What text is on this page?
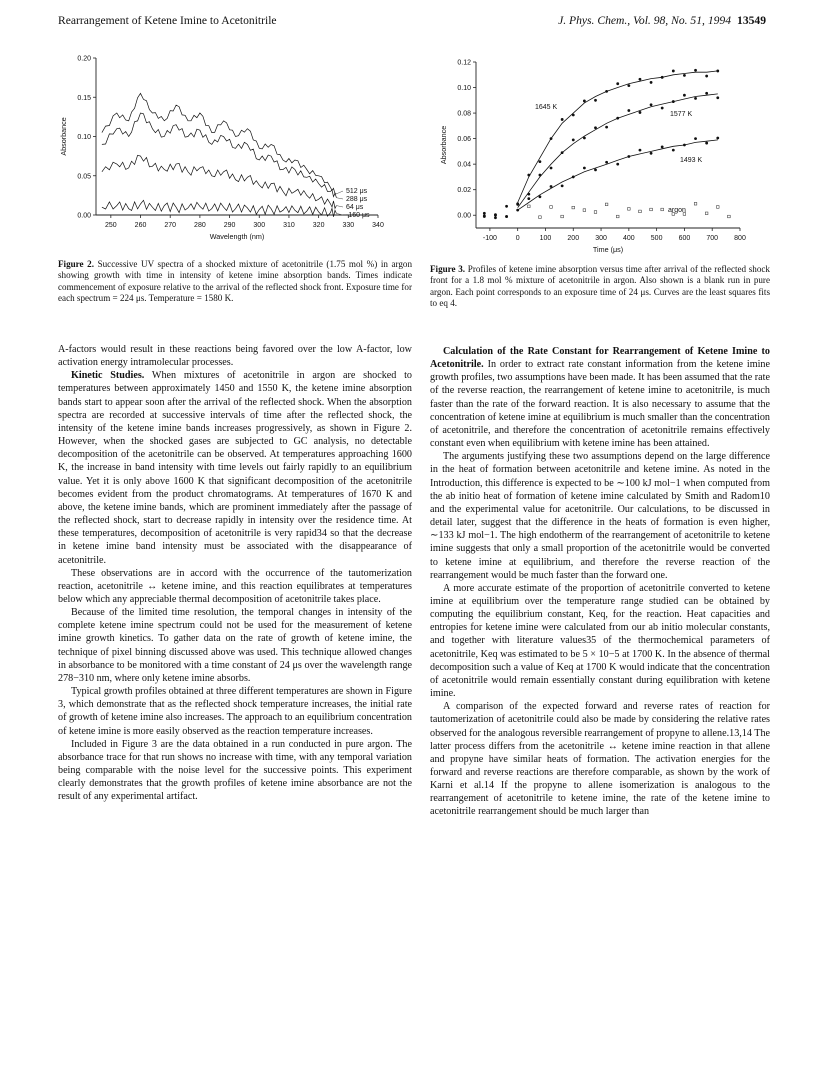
Rearrangement of Ketene Imine to Acetonitrile	J. Phys. Chem., Vol. 98, No. 51, 1994 13549
250	260	270	280	290	300	310	320	330	340
0.00
0.05
0.10
0.15
0.20
Wavelength (nm)
Absorbance
512 μs
288 μs
64 μs
-160 μs
-100	0	100 200 300 400 500 600 700 800
0.00
0.02
0.04
0.06
0.08
0.10
0.12
Time (μs)
Absorbance
1645 K
1577 K
1493 K
argon
Figure 2. Successive UV spectra of a shocked mixture of acetonitrile (1.75 mol %) in argon showing growth with time in intensity of ketene imine absorption bands. Times indicate commencement of exposure relative to the arrival of the reflected shock front. Exposure time for each spectrum = 224 μs. Temperature = 1580 K.
Figure 3. Profiles of ketene imine absorption versus time after arrival of the reflected shock front for a 1.8 mol % mixture of acetonitrile in argon. Also shown is a blank run in pure argon. Each point corresponds to an exposure time of 24 μs. Curves are the least squares fits to eq 4.

A-factors would result in these reactions being favored over the low A-factor, low activation energy intramolecular processes.

Kinetic Studies. When mixtures of acetonitrile in argon are shocked to temperatures between approximately 1450 and 1550 K, the ketene imine absorption bands start to appear soon after the arrival of the reflected shock. When the absorption spectra are recorded at successive intervals of time after the reflected shock, the intensity of the ketene imine bands increases progressively, as shown in Figure 2. However, when the shocked gases are subjected to GC analysis, no detectable decomposition of the acetonitrile can be observed. At temperatures approaching 1600 K, the increase in band intensity with time levels out fairly rapidly to an equilibrium value. Yet it is only above 1600 K that significant decomposition of the acetonitrile becomes evident from the product chromatograms. At temperatures of 1670 K and above, the ketene imine bands, which are prominent immediately after the passage of the reflected shock, start to decrease rapidly in intensity over the residence time. At these temperatures, decomposition of acetonitrile is very rapid34 so that the decrease in ketene imine band intensity must be associated with the disappearance of acetonitrile.

These observations are in accord with the occurrence of the tautomerization reaction, acetonitrile ↔ ketene imine, and this reaction equilibrates at temperatures below which any appreciable thermal decomposition of acetonitrile takes place.

Because of the limited time resolution, the temporal changes in intensity of the complete ketene imine spectrum could not be used for the measurement of ketene imine growth kinetics. To gather data on the rate of growth of ketene imine, the technique of pixel binning discussed above was used. This technique allowed changes in absorbance to be monitored with a time constant of 24 μs over the wavelength range 278−310 nm, where only ketene imine absorbs.

Typical growth profiles obtained at three different temperatures are shown in Figure 3, which demonstrate that as the reflected shock temperature increases, the initial rate of growth of ketene imine also increases. The approach to an equilibrium concentration of ketene imine is more easily observed as the reaction temperature increases.

Included in Figure 3 are the data obtained in a run conducted in pure argon. The absorbance trace for that run shows no increase with time, with any temporal variation being comparable with the noise level for the successive points. This experiment clearly demonstrates that the growth profiles of ketene imine absorbance are not the result of any experimental artifact.

Calculation of the Rate Constant for Rearrangement of Ketene Imine to Acetonitrile. In order to extract rate constant information from the ketene imine growth profiles, two assumptions have been made. It has been assumed that the rate of the reverse reaction, the rearrangement of ketene imine to acetonitrile, is much faster than the rate of the forward reaction. It is also necessary to assume that the concentration of ketene imine at equilibrium is much smaller than the concentration of acetonitrile, and therefore the concentration of acetonitrile remains effectively constant even when equilibrium with ketene imine has been attained.

The arguments justifying these two assumptions depend on the large difference in the heat of formation between acetonitrile and ketene imine. As noted in the Introduction, this difference is expected to be ∼100 kJ mol−1 when computed from the ab initio heat of formation of ketene imine calculated by Smith and Radom10 and the experimental value for acetonitrile. Our calculations, to be discussed in detail later, suggest that the difference in the heats of formation is even higher, ∼133 kJ mol−1. The high endotherm of the rearrangement of acetonitrile to ketene imine suggests that only a small proportion of the acetonitrile would be converted to ketene imine at equilibrium, and therefore the reverse reaction of the rearrangement would be much faster than the forward one.

A more accurate estimate of the proportion of acetonitrile converted to ketene imine at equilibrium over the temperature range studied can be obtained by computing the equilibrium constant, Keq, for the reaction. Heat capacities and entropies for ketene imine were calculated from our ab initio molecular constants, and together with literature values35 of the thermochemical parameters of acetonitrile, Keq was estimated to be 5 × 10−5 at 1700 K. In the absence of thermal decomposition such a value of Keq at 1700 K would indicate that the concentration of acetonitrile would remain essentially constant during equilibration with ketene imine.

A comparison of the expected forward and reverse rates of reaction for tautomerization of acetonitrile could also be made by considering the relative rates observed for the analogous reversible rearrangement of propyne to allene.13,14 The latter process differs from the acetonitrile ↔ ketene imine reaction in that allene and propyne have similar heats of formation. The activation energies for the forward and reverse reactions are therefore comparable, as shown by the work of Karni et al.14 If the propyne to allene isomerization is analogous to the rearrangement of acetonitrile to ketene imine, the rate of the ketene imine to acetonitrile rearrangement should be much larger than
